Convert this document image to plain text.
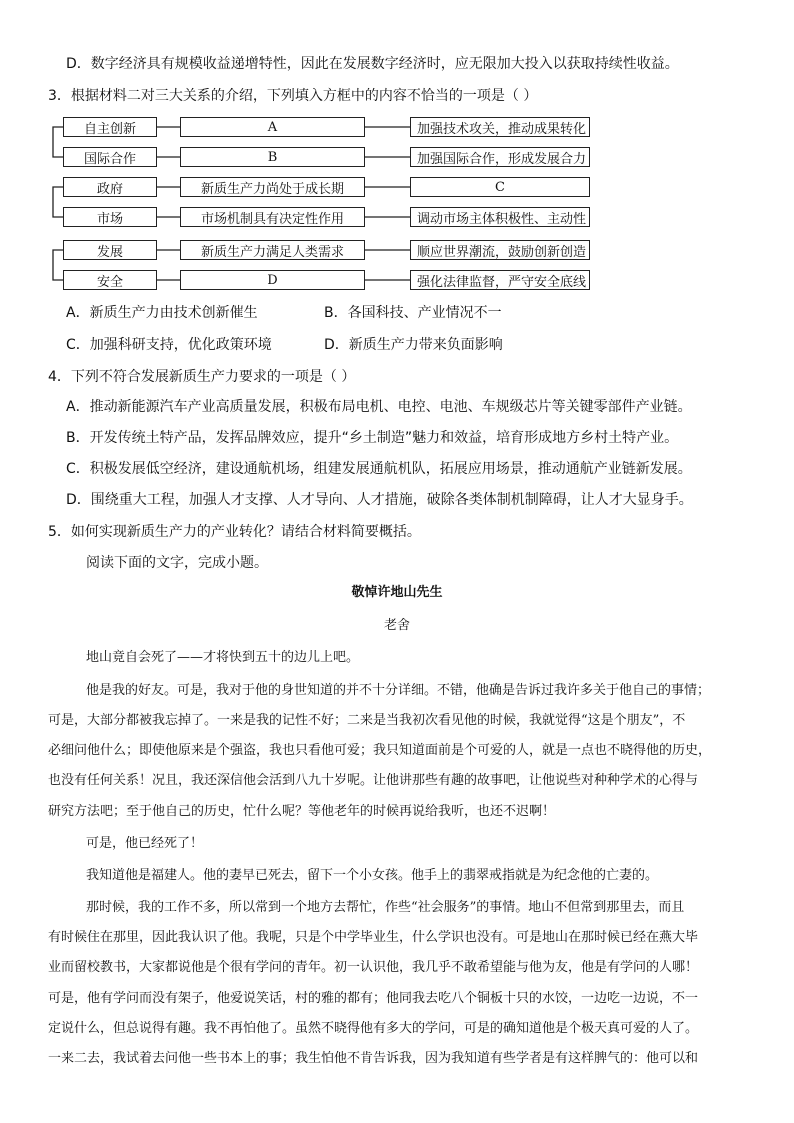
D．数字经济具有规模收益递增特性，因此在发展数字经济时，应无限加大投入以获取持续性收益。
3．根据材料二对三大关系的介绍，下列填入方框中的内容不恰当的一项是（ ）
自主创新
国际合作
政府
市场
发展
安全
A
B
新质生产力尚处于成长期
市场机制具有决定性作用
新质生产力满足人类需求
D
加强技术攻关，推动成果转化
加强国际合作，形成发展合力
C
调动市场主体积极性、主动性
顺应世界潮流，鼓励创新创造
强化法律监督，严守安全底线
A．新质生产力由技术创新催生	B．各国科技、产业情况不一
C．加强科研支持，优化政策环境	D．新质生产力带来负面影响
4．下列不符合发展新质生产力要求的一项是（ ）
A．推动新能源汽车产业高质量发展，积极布局电机、电控、电池、车规级芯片等关键零部件产业链。
B．开发传统土特产品，发挥品牌效应，提升“乡土制造”魅力和效益，培育形成地方乡村土特产业。
C．积极发展低空经济，建设通航机场，组建发展通航机队，拓展应用场景，推动通航产业链新发展。
D．围绕重大工程，加强人才支撑、人才导向、人才措施，破除各类体制机制障碍，让人才大显身手。
5．如何实现新质生产力的产业转化？请结合材料简要概括。
阅读下面的文字，完成小题。
敬悼许地山先生
老舍
地山竟自会死了——才将快到五十的边儿上吧。
他是我的好友。可是，我对于他的身世知道的并不十分详细。不错，他确是告诉过我许多关于他自己的事情；
可是，大部分都被我忘掉了。一来是我的记性不好；二来是当我初次看见他的时候，我就觉得“这是个朋友”，不
必细问他什么；即使他原来是个强盗，我也只看他可爱；我只知道面前是个可爱的人，就是一点也不晓得他的历史，
也没有任何关系！况且，我还深信他会活到八九十岁呢。让他讲那些有趣的故事吧，让他说些对种种学术的心得与
研究方法吧；至于他自己的历史，忙什么呢？等他老年的时候再说给我听，也还不迟啊！
可是，他已经死了！
我知道他是福建人。他的妻早已死去，留下一个小女孩。他手上的翡翠戒指就是为纪念他的亡妻的。
那时候，我的工作不多，所以常到一个地方去帮忙，作些“社会服务”的事情。地山不但常到那里去，而且
有时候住在那里，因此我认识了他。我呢，只是个中学毕业生，什么学识也没有。可是地山在那时候已经在燕大毕
业而留校教书，大家都说他是个很有学问的青年。初一认识他，我几乎不敢希望能与他为友，他是有学问的人哪！
可是，他有学问而没有架子，他爱说笑话，村的雅的都有；他同我去吃八个铜板十只的水饺，一边吃一边说，不一
定说什么，但总说得有趣。我不再怕他了。虽然不晓得他有多大的学问，可是的确知道他是个极天真可爱的人了。
一来二去，我试着去问他一些书本上的事；我生怕他不肯告诉我，因为我知道有些学者是有这样脾气的：他可以和
